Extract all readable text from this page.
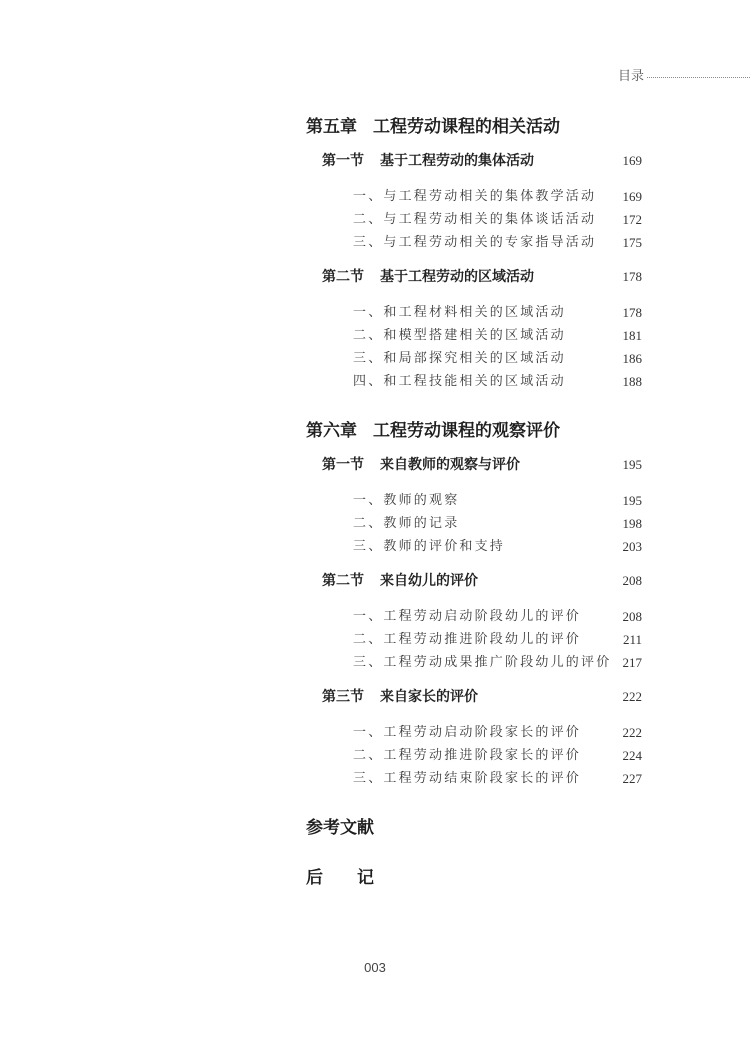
目录
第五章 工程劳动课程的相关活动
第一节 基于工程劳动的集体活动	169
一、与工程劳动相关的集体教学活动 169
二、与工程劳动相关的集体谈话活动 172
三、与工程劳动相关的专家指导活动 175
第二节 基于工程劳动的区域活动	178
一、和工程材料相关的区域活动	178
二、和模型搭建相关的区域活动	181
三、和局部探究相关的区域活动	186
四、和工程技能相关的区域活动	188
第六章 工程劳动课程的观察评价
第一节 来自教师的观察与评价	195
一、教师的观察	195
二、教师的记录	198
三、教师的评价和支持	203
第二节 来自幼儿的评价	208
一、工程劳动启动阶段幼儿的评价	208
二、工程劳动推进阶段幼儿的评价	211
三、工程劳动成果推广阶段幼儿的评价 217
第三节 来自家长的评价	222
一、工程劳动启动阶段家长的评价	222
二、工程劳动推进阶段家长的评价	224
三、工程劳动结束阶段家长的评价	227
参考文献
后　　记
003
